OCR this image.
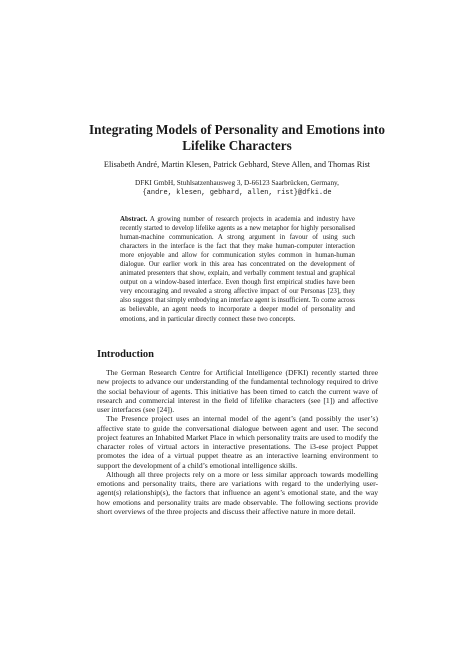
Integrating Models of Personality and Emotions into
Lifelike Characters

Elisabeth André, Martin Klesen, Patrick Gebhard, Steve Allen, and Thomas Rist

DFKI GmbH, Stuhlsatzenhausweg 3, D-66123 Saarbrücken, Germany,
{andre, klesen, gebhard, allen, rist}@dfki.de

Abstract. A growing number of research projects in academia and industry have recently started to develop lifelike agents as a new metaphor for highly personalised human-machine communication. A strong argument in favour of using such characters in the interface is the fact that they make human-computer interaction more enjoyable and allow for communication styles common in human-human dialogue. Our earlier work in this area has concentrated on the development of animated presenters that show, explain, and verbally comment textual and graphical output on a window-based interface. Even though first empirical studies have been very encouraging and revealed a strong affective impact of our Personas [23], they also suggest that simply embodying an interface agent is insufficient. To come across as believable, an agent needs to incorporate a deeper model of personality and emotions, and in particular directly connect these two concepts.

Introduction

The German Research Centre for Artificial Intelligence (DFKI) recently started three new projects to advance our understanding of the fundamental technology required to drive the social behaviour of agents. This initiative has been timed to catch the current wave of research and commercial interest in the field of lifelike characters (see [1]) and affective user interfaces (see [24]).

The Presence project uses an internal model of the agent’s (and possibly the user’s) affective state to guide the conversational dialogue between agent and user. The second project features an Inhabited Market Place in which personality traits are used to modify the character roles of virtual actors in interactive presentations. The i3-ese project Puppet promotes the idea of a virtual puppet theatre as an interactive learning environment to support the development of a child’s emotional intelligence skills.

Although all three projects rely on a more or less similar approach towards modelling emotions and personality traits, there are variations with regard to the underlying user-agent(s) relationship(s), the factors that influence an agent’s emotional state, and the way how emotions and personality traits are made observable. The following sections provide short overviews of the three projects and discuss their affective nature in more detail.
